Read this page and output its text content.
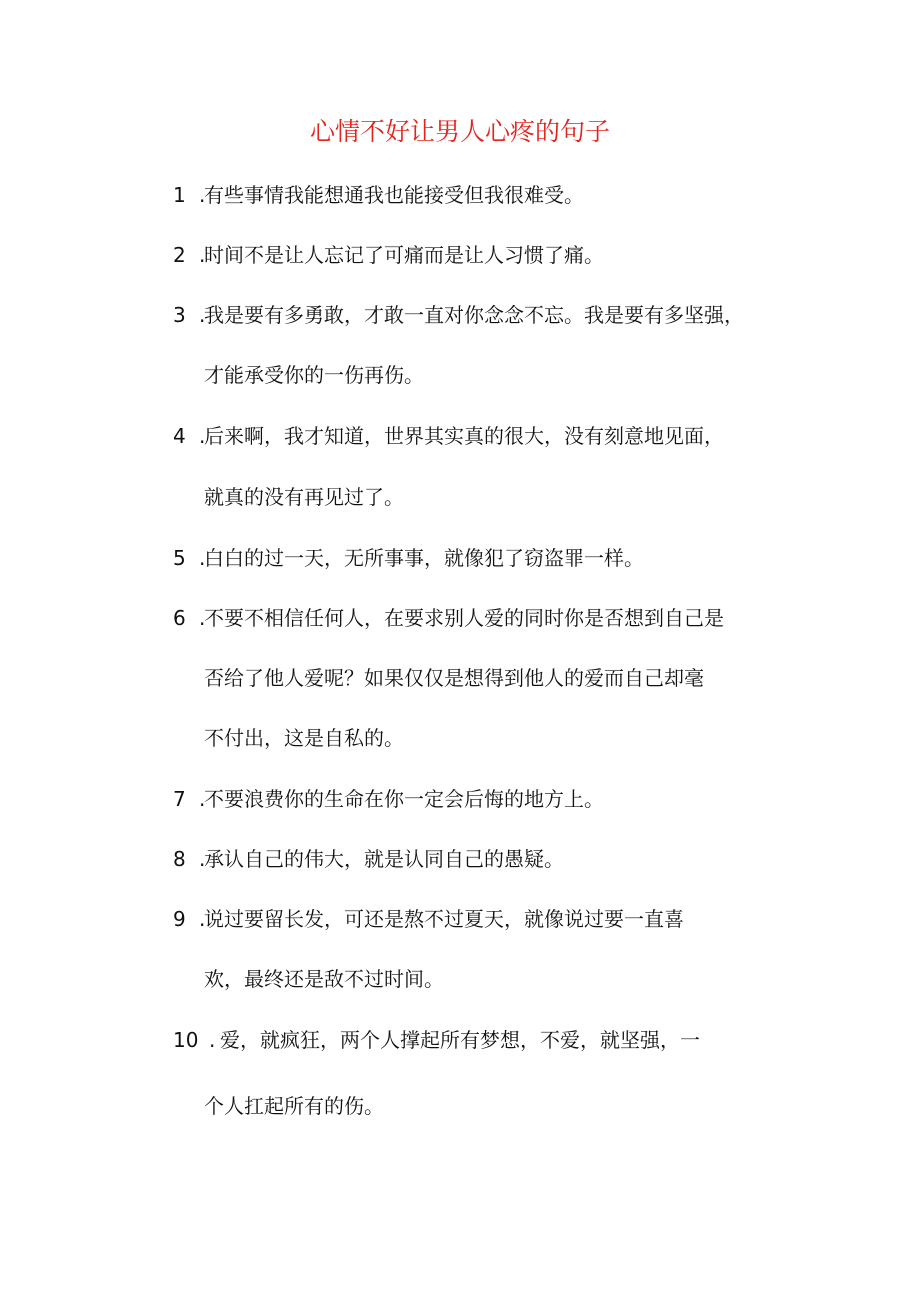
心情不好让男人心疼的句子
1 .
有些事情我能想通我也能接受但我很难受。
2 .
时间不是让人忘记了可痛而是让人习惯了痛。
3 .
我是要有多勇敢，才敢一直对你念念不忘。我是要有多坚强，
才能承受你的一伤再伤。
4 .
后来啊，我才知道，世界其实真的很大，没有刻意地见面，
就真的没有再见过了。
5 .
白白的过一天，无所事事，就像犯了窃盗罪一样。
6 .
不要不相信任何人，在要求别人爱的同时你是否想到自己是
否给了他人爱呢？如果仅仅是想得到他人的爱而自己却毫
不付出，这是自私的。
7 .
不要浪费你的生命在你一定会后悔的地方上。
8 .
承认自己的伟大，就是认同自己的愚疑。
9 .
说过要留长发，可还是熬不过夏天，就像说过要一直喜
欢，最终还是敌不过时间。
10 . 爱，就疯狂，两个人撑起所有梦想，不爱，就坚强，一
个人扛起所有的伤。
